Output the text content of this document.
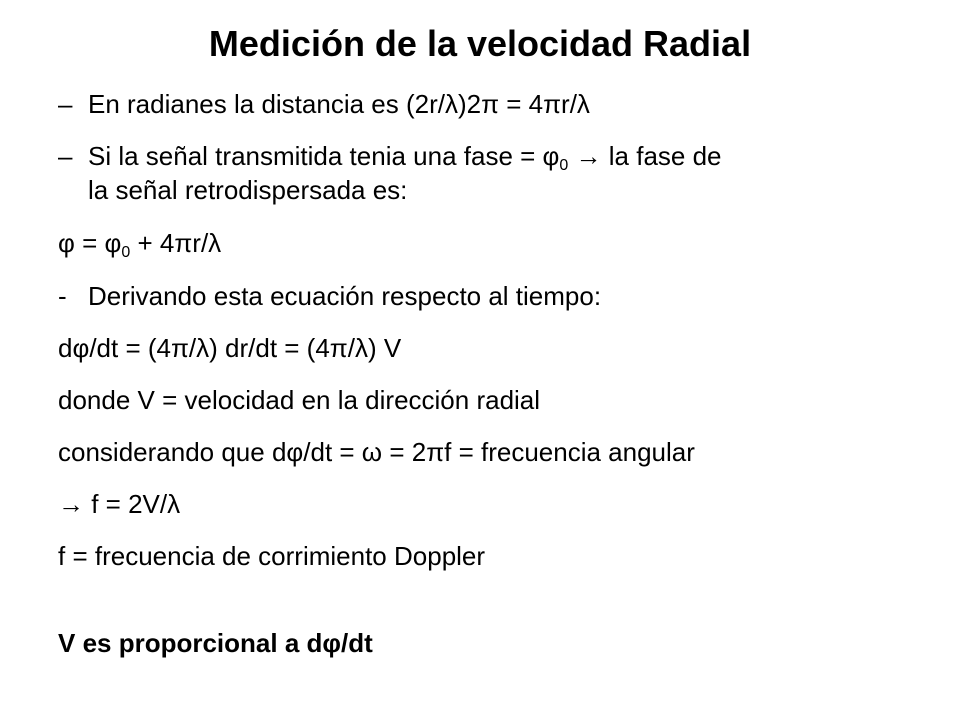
Medición de la velocidad Radial
– En radianes la distancia es (2r/λ)2π = 4πr/λ
– Si la señal transmitida tenia una fase = $\varphi_0$ → la fase de
la señal retrodispersada es:
$\varphi = \varphi_0 + 4\pi r/\lambda$
- Derivando esta ecuación respecto al tiempo:
dφ/dt = (4π/λ) dr/dt = (4π/λ) V
donde V = velocidad en la dirección radial
considerando que dφ/dt = ω = 2πf = frecuencia angular
→ f = 2V/λ
f = frecuencia de corrimiento Doppler
V es proporcional a dφ/dt
